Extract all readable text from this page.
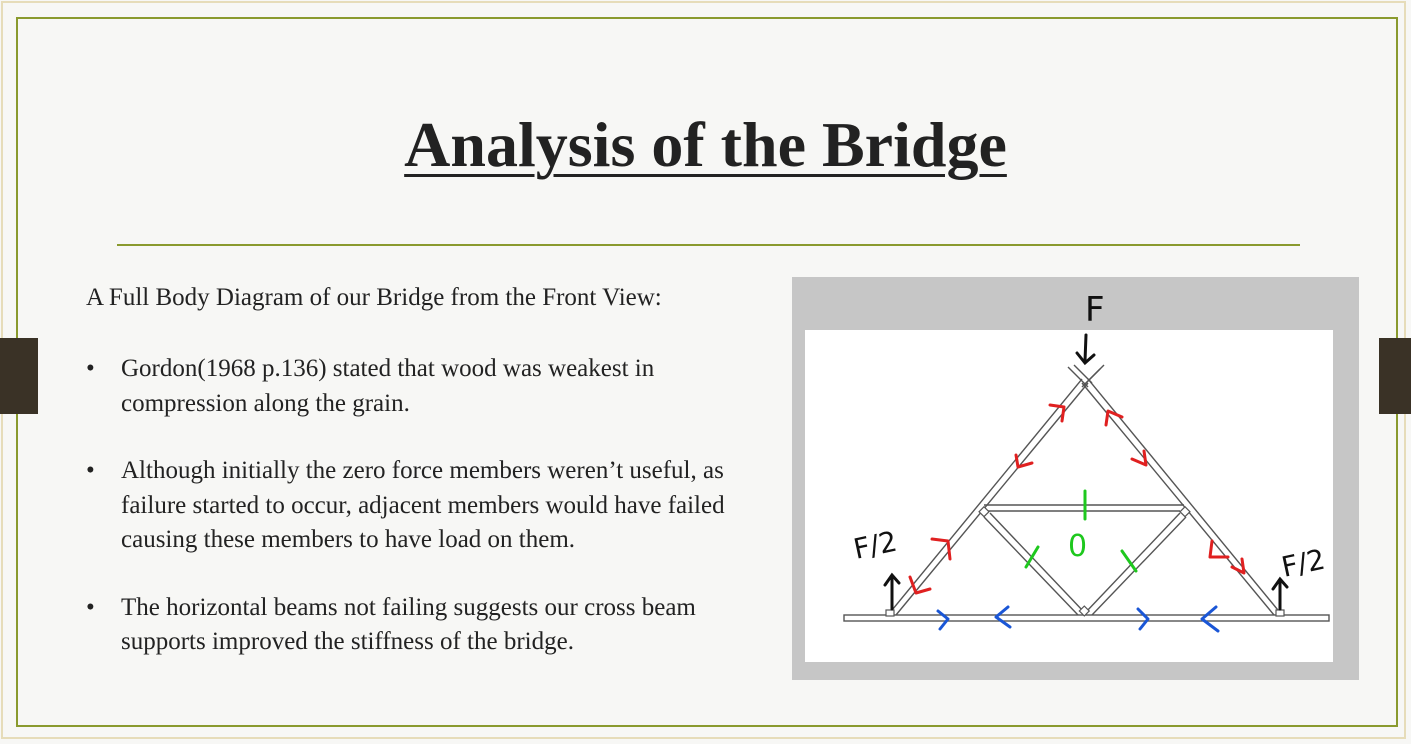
Analysis of the Bridge

A Full Body Diagram of our Bridge from the Front View:

• Gordon(1968 p.136) stated that wood was weakest in compression along the grain.
• Although initially the zero force members weren’t useful, as failure started to occur, adjacent members would have failed causing these members to have load on them.
• The horizontal beams not failing suggests our cross beam supports improved the stiffness of the bridge.
F
F/2	F/2
0
